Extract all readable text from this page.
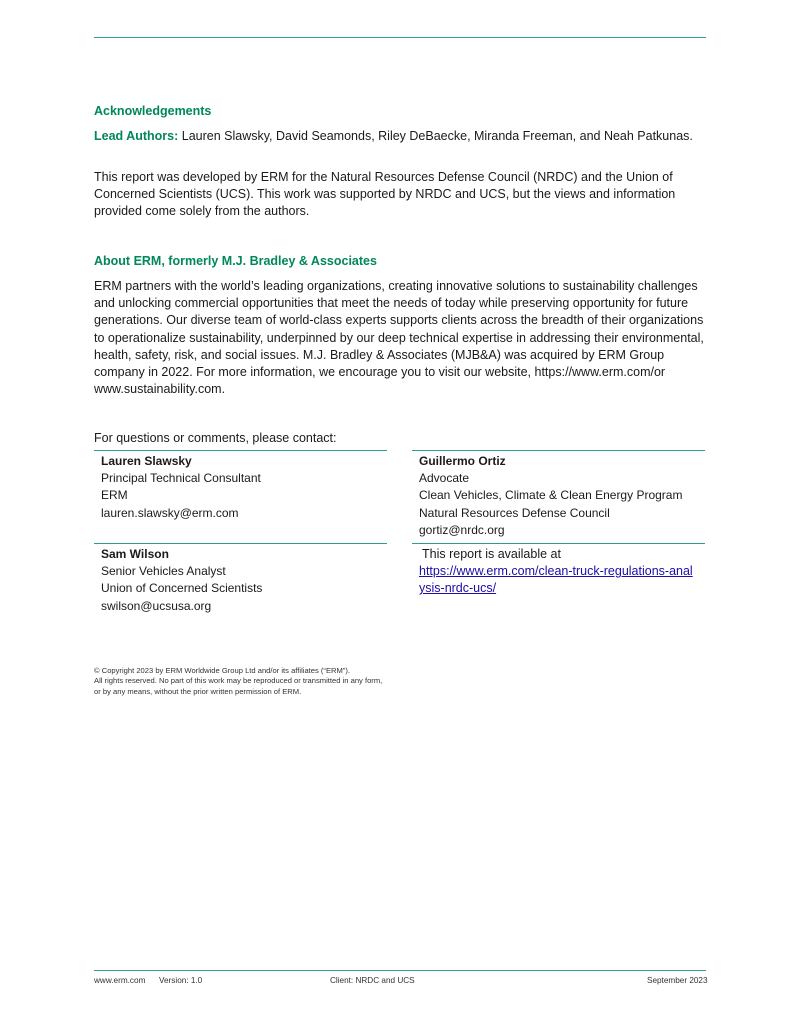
Acknowledgements

Lead Authors: Lauren Slawsky, David Seamonds, Riley DeBaecke, Miranda Freeman, and Neah Patkunas.

This report was developed by ERM for the Natural Resources Defense Council (NRDC) and the Union of Concerned Scientists (UCS). This work was supported by NRDC and UCS, but the views and information provided come solely from the authors.

About ERM, formerly M.J. Bradley & Associates

ERM partners with the world’s leading organizations, creating innovative solutions to sustainability challenges and unlocking commercial opportunities that meet the needs of today while preserving opportunity for future generations. Our diverse team of world-class experts supports clients across the breadth of their organizations to operationalize sustainability, underpinned by our deep technical expertise in addressing their environmental, health, safety, risk, and social issues. M.J. Bradley & Associates (MJB&A) was acquired by ERM Group company in 2022. For more information, we encourage you to visit our website, https://www.erm.com/or www.sustainability.com.

For questions or comments, please contact:
Lauren Slawsky
Principal Technical Consultant
ERM
lauren.slawsky@erm.com
Guillermo Ortiz
Advocate
Clean Vehicles, Climate & Clean Energy Program
Natural Resources Defense Council
gortiz@nrdc.org
Sam Wilson
Senior Vehicles Analyst
Union of Concerned Scientists
swilson@ucsusa.org
This report is available at
https://www.erm.com/clean-truck-regulations-analysis-nrdc-ucs/
© Copyright 2023 by ERM Worldwide Group Ltd and/or its affiliates (“ERM”).
All rights reserved. No part of this work may be reproduced or transmitted in any form,
or by any means, without the prior written permission of ERM.
www.erm.com Version: 1.0	Client: NRDC and UCS	September 2023
